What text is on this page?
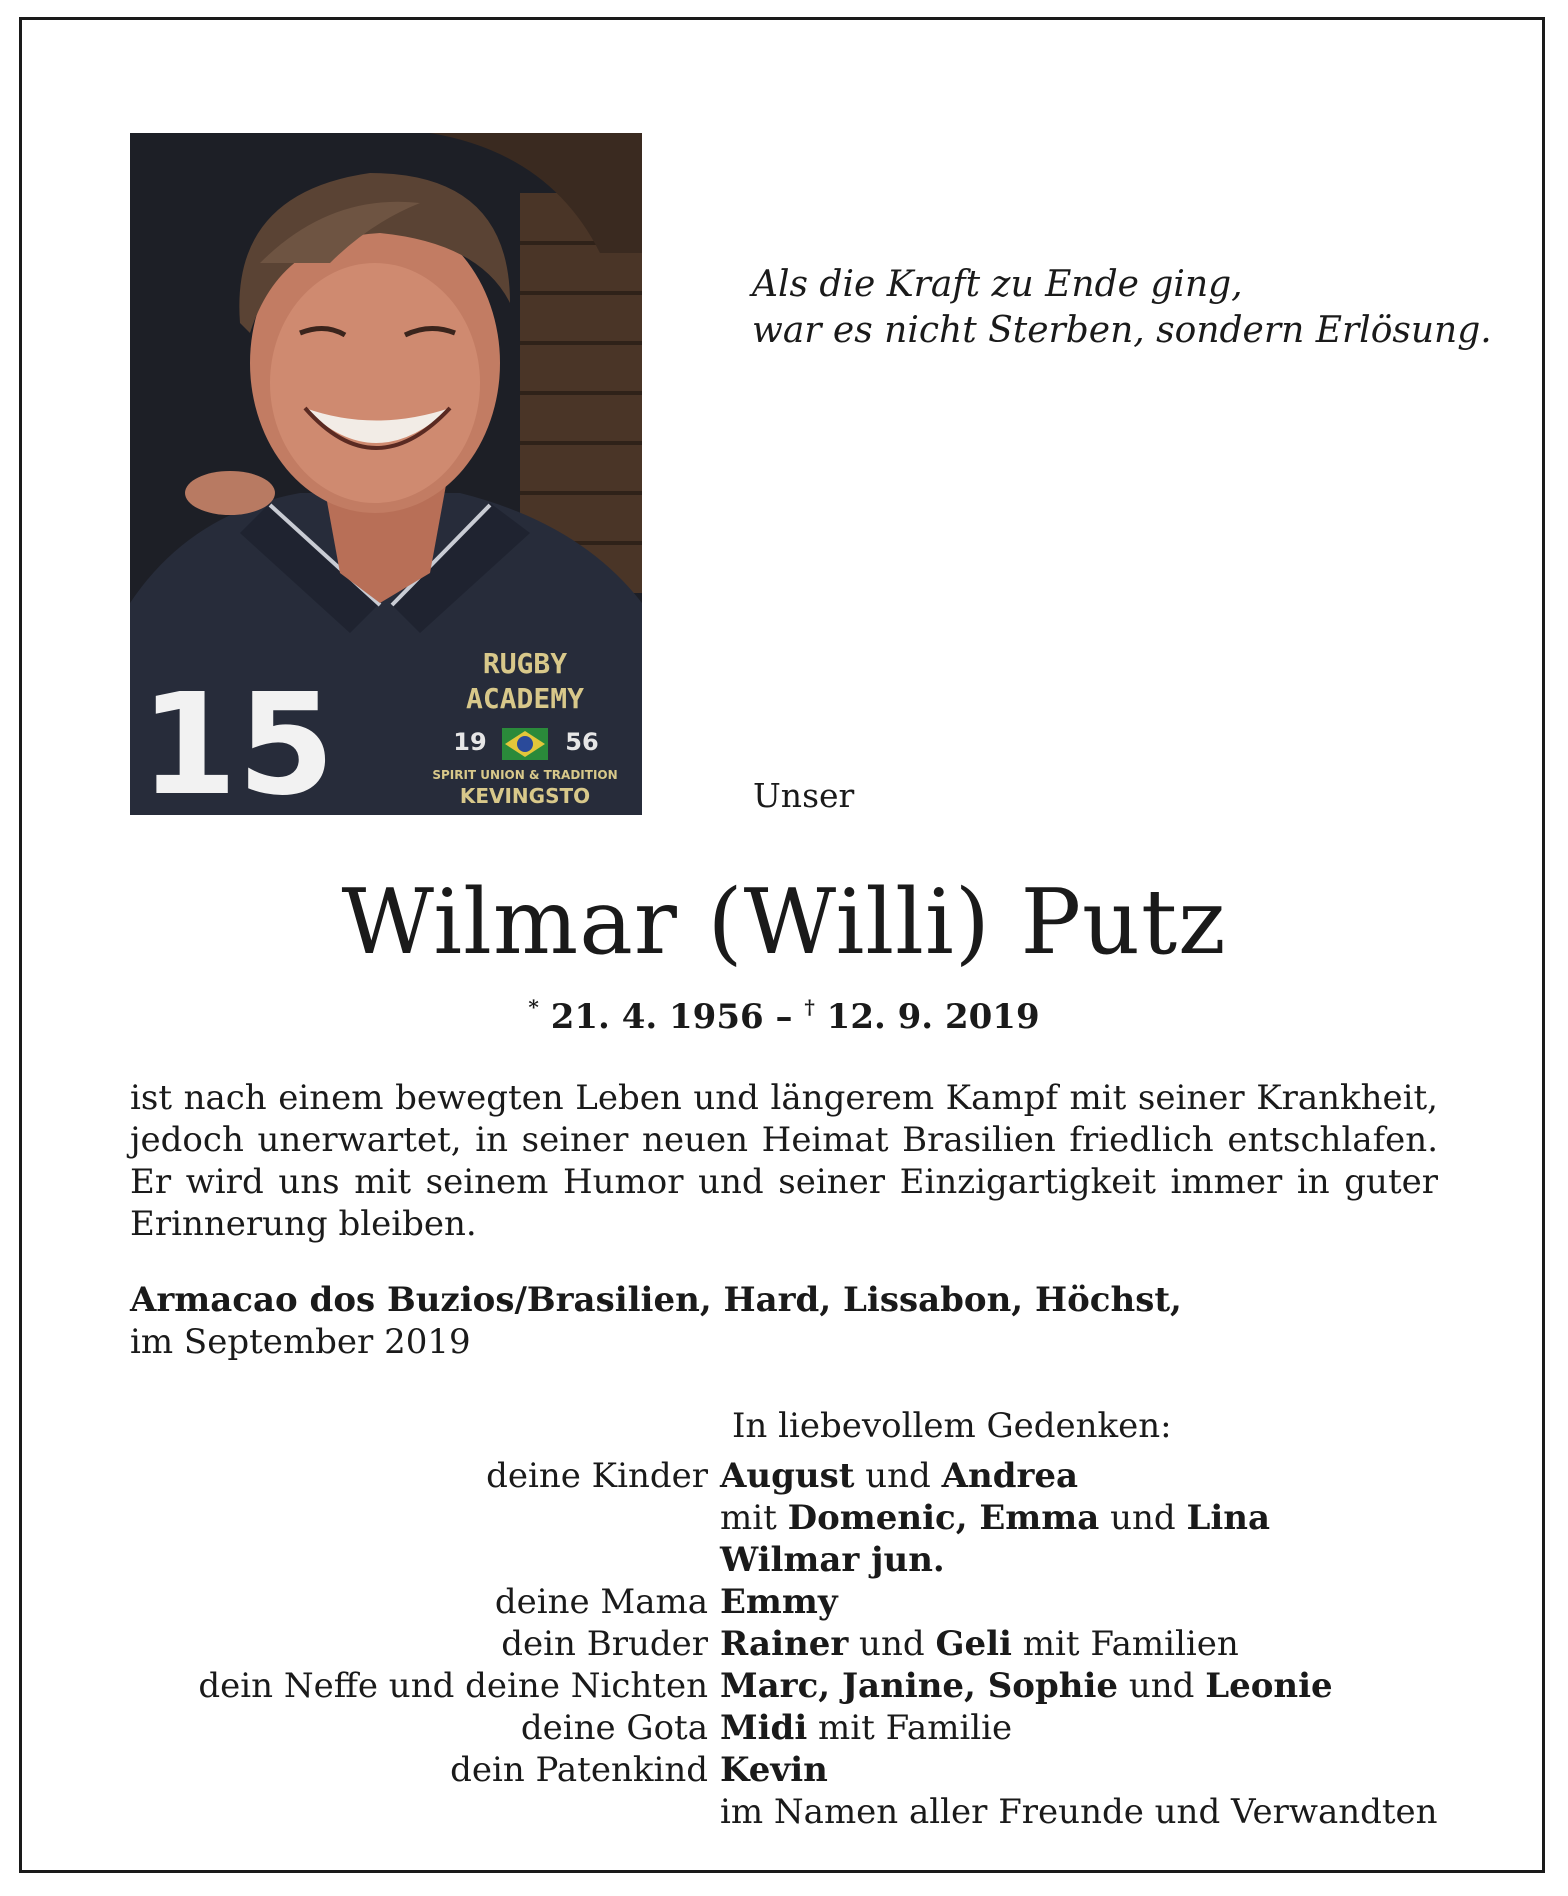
15
RUGBY
ACADEMY
19	56
SPIRIT UNION & TRADITION
KEVINGSTO
Als die Kraft zu Ende ging,
war es nicht Sterben, sondern Erlösung.
Unser
Wilmar (Willi) Putz
* 21. 4. 1956 – † 12. 9. 2019
ist nach einem bewegten Leben und längerem Kampf mit seiner Krankheit, jedoch unerwartet, in seiner neuen Heimat Brasilien friedlich entschlafen. Er wird uns mit seinem Humor und seiner Einzigartigkeit immer in guter Erinnerung bleiben.
Armacao dos Buzios/Brasilien, Hard, Lissabon, Höchst,
im September 2019
In liebevollem Gedenken:
deine Kinder August und Andrea
mit Domenic, Emma und Lina
Wilmar jun.
deine Mama Emmy
dein Bruder Rainer und Geli mit Familien
dein Neffe und deine Nichten Marc, Janine, Sophie und Leonie
deine Gota Midi mit Familie
dein Patenkind Kevin
im Namen aller Freunde und Verwandten
